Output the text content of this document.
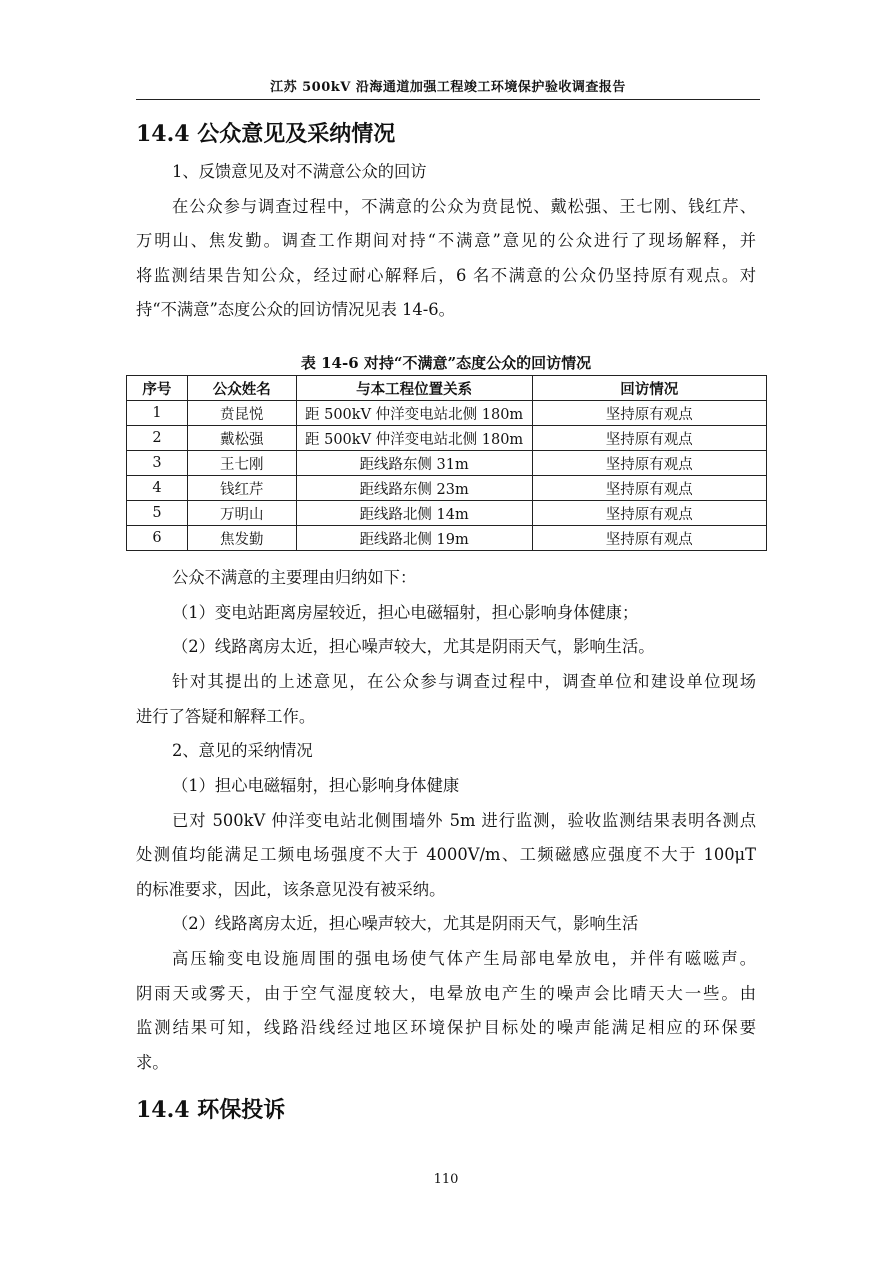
江苏 500kV 沿海通道加强工程竣工环境保护验收调查报告
14.4 公众意见及采纳情况
1、反馈意见及对不满意公众的回访
在公众参与调查过程中，不满意的公众为贲昆悦、戴松强、王七刚、钱红芹、
万明山、焦发勤。调查工作期间对持“不满意”意见的公众进行了现场解释，并
将监测结果告知公众，经过耐心解释后，6 名不满意的公众仍坚持原有观点。对
持“不满意”态度公众的回访情况见表 14-6。
表 14-6 对持“不满意”态度公众的回访情况
序号	公众姓名	与本工程位置关系	回访情况
1	贲昆悦	距 500kV 仲洋变电站北侧 180m	坚持原有观点
2	戴松强	距 500kV 仲洋变电站北侧 180m	坚持原有观点
3	王七刚	距线路东侧 31m	坚持原有观点
4	钱红芹	距线路东侧 23m	坚持原有观点
5	万明山	距线路北侧 14m	坚持原有观点
6	焦发勤	距线路北侧 19m	坚持原有观点
公众不满意的主要理由归纳如下：
（1）变电站距离房屋较近，担心电磁辐射，担心影响身体健康；
（2）线路离房太近，担心噪声较大，尤其是阴雨天气，影响生活。
针对其提出的上述意见，在公众参与调查过程中，调查单位和建设单位现场
进行了答疑和解释工作。
2、意见的采纳情况
（1）担心电磁辐射，担心影响身体健康
已对 500kV 仲洋变电站北侧围墙外 5m 进行监测，验收监测结果表明各测点
处测值均能满足工频电场强度不大于 4000V/m、工频磁感应强度不大于 100μT
的标准要求，因此，该条意见没有被采纳。
（2）线路离房太近，担心噪声较大，尤其是阴雨天气，影响生活
高压输变电设施周围的强电场使气体产生局部电晕放电，并伴有嗞嗞声。
阴雨天或雾天，由于空气湿度较大，电晕放电产生的噪声会比晴天大一些。由
监测结果可知，线路沿线经过地区环境保护目标处的噪声能满足相应的环保要
求。
14.4 环保投诉
110
